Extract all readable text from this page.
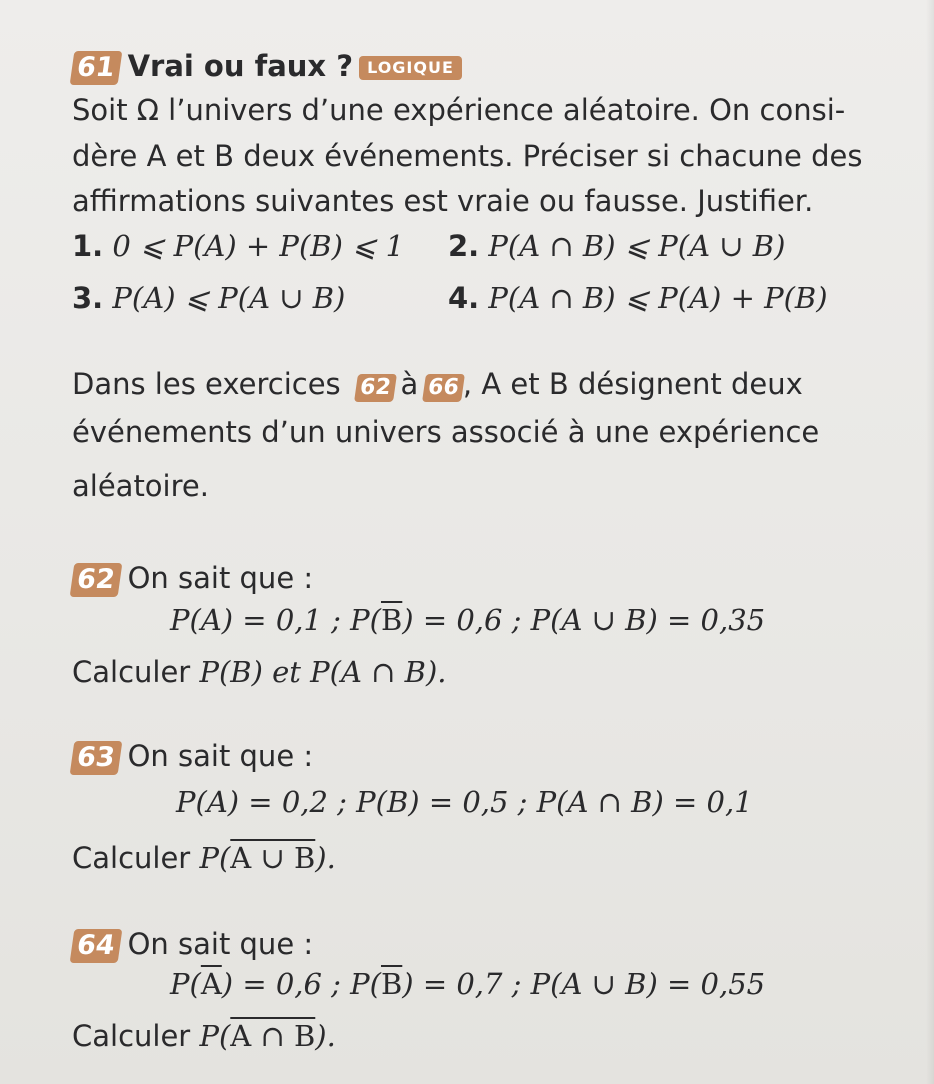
61 Vrai ou faux ? LOGIQUE
Soit Ω l’univers d’une expérience aléatoire. On consi-
dère A et B deux événements. Préciser si chacune des
affirmations suivantes est vraie ou fausse. Justifier.
1. 0 ⩽ P(A) + P(B) ⩽ 1 2. P(A ∩ B) ⩽ P(A ∪ B)
3. P(A) ⩽ P(A ∪ B)	4. P(A ∩ B) ⩽ P(A) + P(B)
Dans les exercices 62 à 66, A et B désignent deux
événements d’un univers associé à une expérience
aléatoire.
62 On sait que :
P(A) = 0,1 ; $P(\overline{B}) = 0,6$ ; P(A ∪ B) = 0,35
Calculer P(B) et P(A ∩ B).
63 On sait que :
P(A) = 0,2 ; P(B) = 0,5 ; P(A ∩ B) = 0,1
Calculer P(A ∪ B).
64 On sait que :
$P(\overline{A}) = 0,6$ ; $P(\overline{B}) = 0,7$ ; P(A ∪ B) = 0,55
Calculer P(A ∩ B).
